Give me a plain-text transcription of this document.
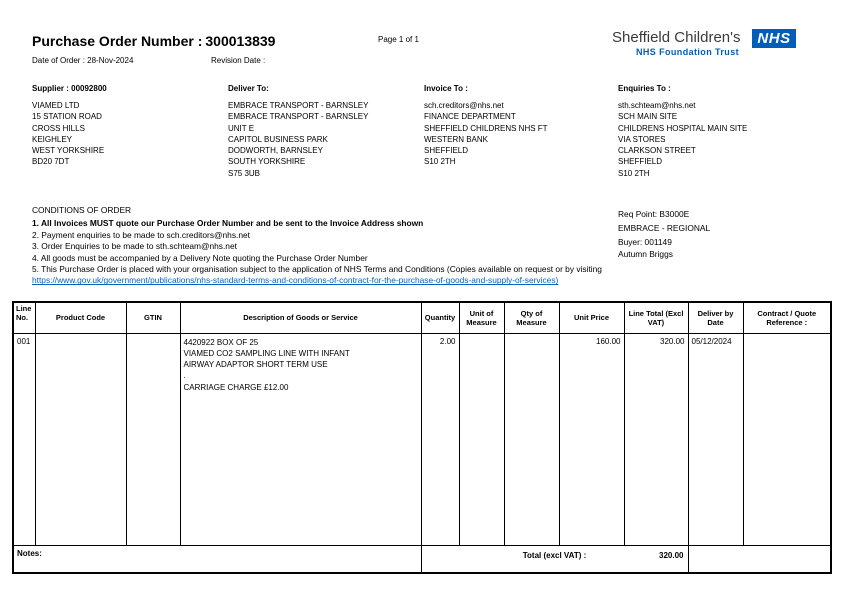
Purchase Order Number : 300013839	Page 1 of 1	Sheffield Children's
NHS Foundation Trust
NHS
Date of Order : 28-Nov-2024	Revision Date :
Supplier : 00092800
VIAMED LTD
15 STATION ROAD
CROSS HILLS
KEIGHLEY
WEST YORKSHIRE
BD20 7DT
Deliver To:
EMBRACE TRANSPORT - BARNSLEY
EMBRACE TRANSPORT - BARNSLEY
UNIT E
CAPITOL BUSINESS PARK
DODWORTH, BARNSLEY
SOUTH YORKSHIRE
S75 3UB
Invoice To :
sch.creditors@nhs.net
FINANCE DEPARTMENT
SHEFFIELD CHILDRENS NHS FT
WESTERN BANK
SHEFFIELD
S10 2TH
Enquiries To :
sth.schteam@nhs.net
SCH MAIN SITE
CHILDRENS HOSPITAL MAIN SITE
VIA STORES
CLARKSON STREET
SHEFFIELD
S10 2TH
CONDITIONS OF ORDER
1. All Invoices MUST quote our Purchase Order Number and be sent to the Invoice Address shown
2. Payment enquiries to be made to sch.creditors@nhs.net
3. Order Enquiries to be made to sth.schteam@nhs.net
4. All goods must be accompanied by a Delivery Note quoting the Purchase Order Number
5. This Purchase Order is placed with your organisation subject to the application of NHS Terms and Conditions (Copies available on request or by visiting
https://www.gov.uk/government/publications/nhs-standard-terms-and-conditions-of-contract-for-the-purchase-of-goods-and-supply-of-services)
Req Point: B3000E
EMBRACE - REGIONAL
Buyer: 001149
Autumn Briggs
Line No.	Product Code	GTIN	Description of Goods or Service	Quantity	Unit of Measure	Qty of Measure	Unit Price	Line Total (Excl VAT)	Deliver by Date	Contract / Quote Reference :
001			4420922 BOX OF 25
VIAMED CO2 SAMPLING LINE WITH INFANT
AIRWAY ADAPTOR SHORT TERM USE
.
CARRIAGE CHARGE £12.00	2.00			160.00	320.00	05/12/2024	
Notes:				Total (excl VAT) : 320.00						
